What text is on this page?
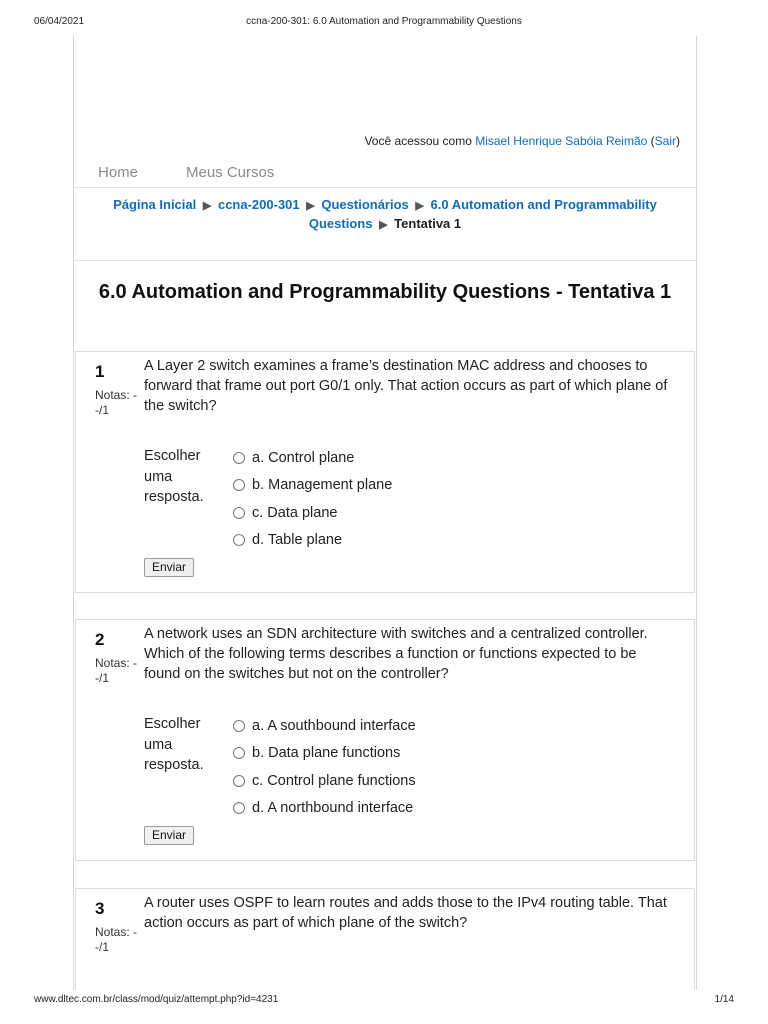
06/04/2021	ccna-200-301: 6.0 Automation and Programmability Questions
Você acessou como Misael Henrique Sabóia Reimão (Sair)
Home	Meus Cursos
Página Inicial ▶ ccna-200-301 ▶ Questionários ▶ 6.0 Automation and Programmability Questions ▶ Tentativa 1
6.0 Automation and Programmability Questions - Tentativa 1
1
Notas: --/1
A Layer 2 switch examines a frame’s destination MAC address and chooses to forward that frame out port G0/1 only. That action occurs as part of which plane of the switch?
Escolher uma resposta.
a. Control plane
b. Management plane
c. Data plane
d. Table plane
Enviar
2
Notas: --/1
A network uses an SDN architecture with switches and a centralized controller. Which of the following terms describes a function or functions expected to be found on the switches but not on the controller?
Escolher uma resposta.
a. A southbound interface
b. Data plane functions
c. Control plane functions
d. A northbound interface
Enviar
3
Notas: --/1
A router uses OSPF to learn routes and adds those to the IPv4 routing table. That action occurs as part of which plane of the switch?
www.dltec.com.br/class/mod/quiz/attempt.php?id=4231	1/14
